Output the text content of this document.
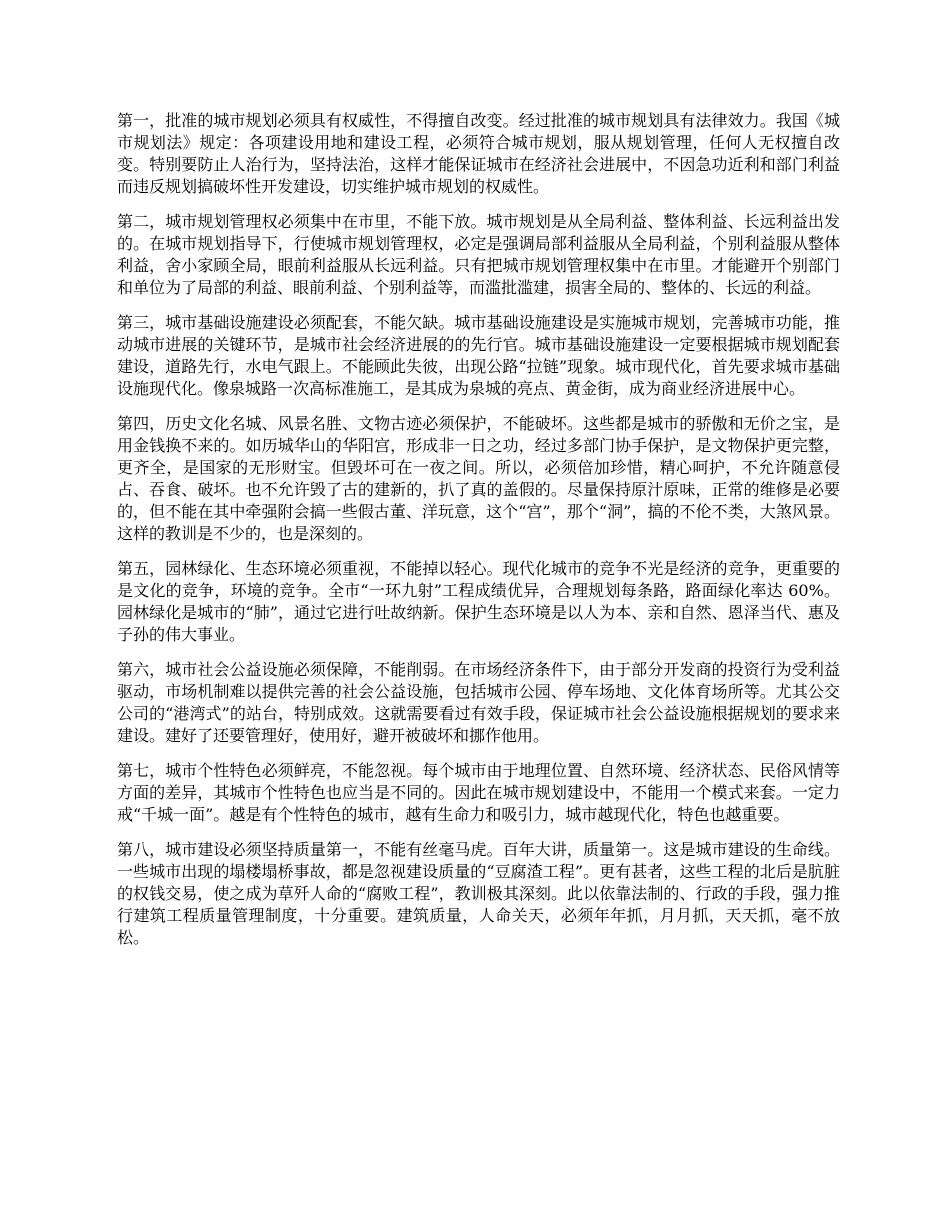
第一，批准的城市规划必须具有权威性，不得擅自改变。经过批准的城市规划具有法律效力。我国《城市规划法》规定：各项建设用地和建设工程，必须符合城市规划，服从规划管理，任何人无权擅自改变。特别要防止人治行为，坚持法治，这样才能保证城市在经济社会进展中，不因急功近利和部门利益而违反规划搞破坏性开发建设，切实维护城市规划的权威性。

第二，城市规划管理权必须集中在市里，不能下放。城市规划是从全局利益、整体利益、长远利益出发的。在城市规划指导下，行使城市规划管理权，必定是强调局部利益服从全局利益，个别利益服从整体利益，舍小家顾全局，眼前利益服从长远利益。只有把城市规划管理权集中在市里。才能避开个别部门和单位为了局部的利益、眼前利益、个别利益等，而滥批滥建，损害全局的、整体的、长远的利益。

第三，城市基础设施建设必须配套，不能欠缺。城市基础设施建设是实施城市规划，完善城市功能，推动城市进展的关键环节，是城市社会经济进展的的先行官。城市基础设施建设一定要根据城市规划配套建设，道路先行，水电气跟上。不能顾此失彼，出现公路“拉链”现象。城市现代化，首先要求城市基础设施现代化。像泉城路一次高标准施工，是其成为泉城的亮点、黄金街，成为商业经济进展中心。

第四，历史文化名城、风景名胜、文物古迹必须保护，不能破坏。这些都是城市的骄傲和无价之宝，是用金钱换不来的。如历城华山的华阳宫，形成非一日之功，经过多部门协手保护，是文物保护更完整，更齐全，是国家的无形财宝。但毁坏可在一夜之间。所以，必须倍加珍惜，精心呵护，不允许随意侵占、吞食、破坏。也不允许毁了古的建新的，扒了真的盖假的。尽量保持原汁原味，正常的维修是必要的，但不能在其中牵强附会搞一些假古董、洋玩意，这个“宫”，那个“洞”，搞的不伦不类，大煞风景。这样的教训是不少的，也是深刻的。

第五，园林绿化、生态环境必须重视，不能掉以轻心。现代化城市的竞争不光是经济的竞争，更重要的是文化的竞争，环境的竞争。全市“一环九射”工程成绩优异，合理规划每条路，路面绿化率达 60%。园林绿化是城市的“肺”，通过它进行吐故纳新。保护生态环境是以人为本、亲和自然、恩泽当代、惠及子孙的伟大事业。

第六，城市社会公益设施必须保障，不能削弱。在市场经济条件下，由于部分开发商的投资行为受利益驱动，市场机制难以提供完善的社会公益设施，包括城市公园、停车场地、文化体育场所等。尤其公交公司的“港湾式”的站台，特别成效。这就需要看过有效手段，保证城市社会公益设施根据规划的要求来建设。建好了还要管理好，使用好，避开被破坏和挪作他用。

第七，城市个性特色必须鲜亮，不能忽视。每个城市由于地理位置、自然环境、经济状态、民俗风情等方面的差异，其城市个性特色也应当是不同的。因此在城市规划建设中，不能用一个模式来套。一定力戒“千城一面”。越是有个性特色的城市，越有生命力和吸引力，城市越现代化，特色也越重要。

第八，城市建设必须坚持质量第一，不能有丝毫马虎。百年大讲，质量第一。这是城市建设的生命线。一些城市出现的塌楼塌桥事故，都是忽视建设质量的“豆腐渣工程”。更有甚者，这些工程的北后是肮脏的权钱交易，使之成为草歼人命的“腐败工程”，教训极其深刻。此以依靠法制的、行政的手段，强力推行建筑工程质量管理制度，十分重要。建筑质量，人命关天，必须年年抓，月月抓，天天抓，毫不放松。
